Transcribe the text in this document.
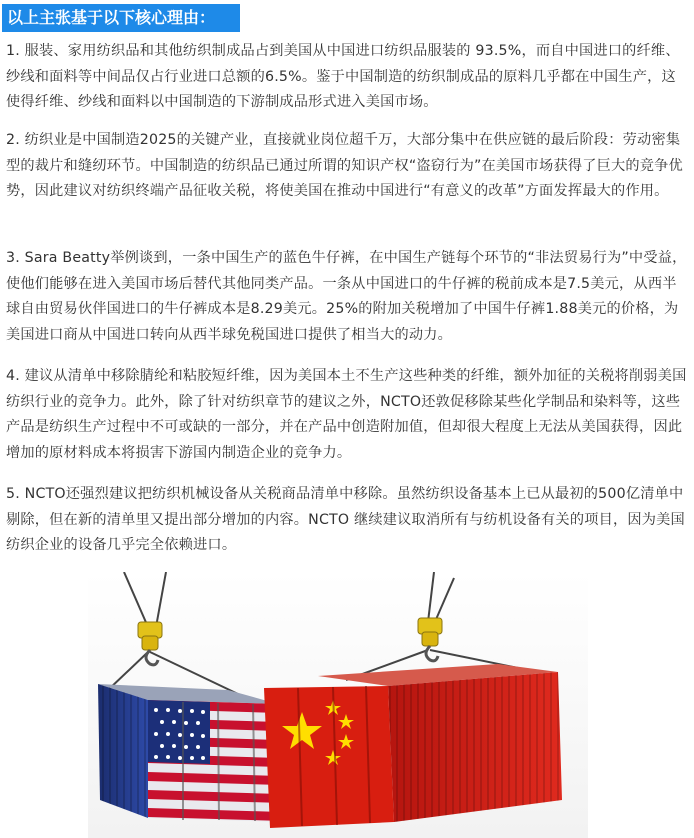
以上主张基于以下核心理由：

1. 服装、家用纺织品和其他纺织制成品占到美国从中国进口纺织品服装的 93.5%，而自中国进口的纤维、纱线和面料等中间品仅占行业进口总额的6.5%。鉴于中国制造的纺织制成品的原料几乎都在中国生产，这使得纤维、纱线和面料以中国制造的下游制成品形式进入美国市场。

2. 纺织业是中国制造2025的关键产业，直接就业岗位超千万，大部分集中在供应链的最后阶段：劳动密集型的裁片和缝纫环节。中国制造的纺织品已通过所谓的知识产权“盗窃行为”在美国市场获得了巨大的竞争优势，因此建议对纺织终端产品征收关税，将使美国在推动中国进行“有意义的改革”方面发挥最大的作用。

3. Sara Beatty举例谈到，一条中国生产的蓝色牛仔裤，在中国生产链每个环节的“非法贸易行为”中受益，使他们能够在进入美国市场后替代其他同类产品。一条从中国进口的牛仔裤的税前成本是7.5美元，从西半球自由贸易伙伴国进口的牛仔裤成本是8.29美元。25%的附加关税增加了中国牛仔裤1.88美元的价格，为美国进口商从中国进口转向从西半球免税国进口提供了相当大的动力。

4. 建议从清单中移除腈纶和粘胶短纤维，因为美国本土不生产这些种类的纤维，额外加征的关税将削弱美国纺织行业的竞争力。此外，除了针对纺织章节的建议之外，NCTO还敦促移除某些化学制品和染料等，这些产品是纺织生产过程中不可或缺的一部分，并在产品中创造附加值，但却很大程度上无法从美国获得，因此增加的原材料成本将损害下游国内制造企业的竞争力。

5. NCTO还强烈建议把纺织机械设备从关税商品清单中移除。虽然纺织设备基本上已从最初的500亿清单中剔除，但在新的清单里又提出部分增加的内容。NCTO 继续建议取消所有与纺机设备有关的项目，因为美国纺织企业的设备几乎完全依赖进口。
